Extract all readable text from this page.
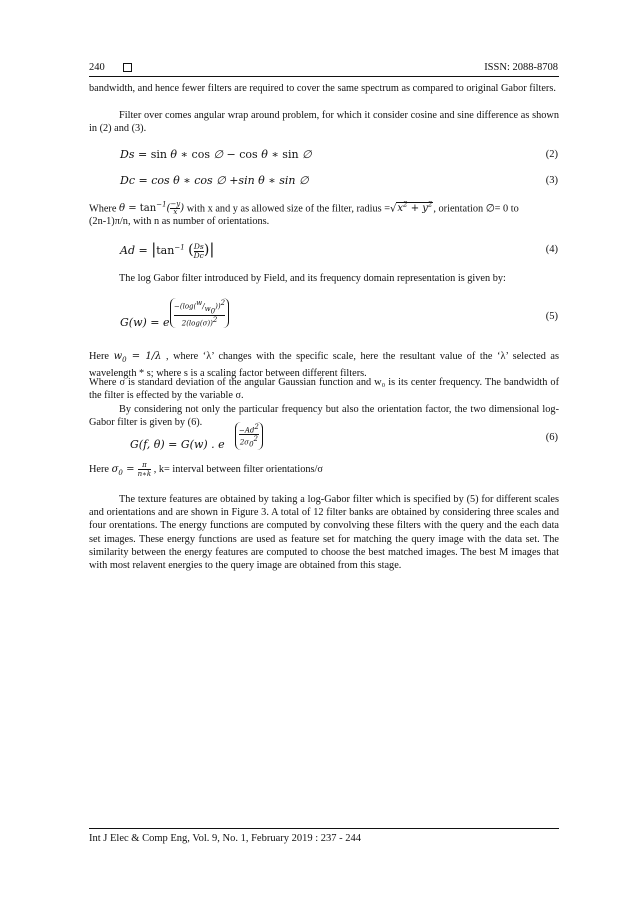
240	ISSN: 2088-8708
bandwidth, and hence fewer filters are required to cover the same spectrum as compared to original Gabor filters.
Filter over comes angular wrap around problem, for which it consider cosine and sine difference as shown in (2) and (3).
Ds = sin θ ∗ cos ∅ − cos θ ∗ sin ∅	(2)
Dc = cos θ ∗ cos ∅ +sin θ ∗ sin ∅	(3)
Where $\theta = \tan^{-1}( \frac{-y}{x}$ ) with x and y as allowed size of the filter, radius $=√x^2 + y^2$, orientation ∅= 0 to
(2n-1)π/n, with n as number of orientations.
$Ad = |\tan^{-1}$ ( $\frac{Ds}{Dc}$ )|	(4)
The log Gabor filter introduced by Field, and its frequency domain representation is given by:
G(w) = e
$-(\log(^w/_{w_0}))^2$
$2(\log(\sigma))^2$	(5)
Here $w_0 = 1/\lambda$ , where ‘λ’ changes with the specific scale, here the resultant value of the ‘λ’ selected as wavelength * s; where s is a scaling factor between different filters.
Where σ is standard deviation of the angular Gaussian function and w₀ is its center frequency. The bandwidth of the filter is effected by the variable σ.
By considering not only the particular frequency but also the orientation factor, the two dimensional log- Gabor filter is given by (6).
G(f, θ) = G(w) . e
$-Ad^2$
$2\sigma_0^2$	(6)
Here $\sigma_0 = \frac{\pi}{n∗k}$ , k= interval between filter orientations/σ
The texture features are obtained by taking a log-Gabor filter which is specified by (5) for different scales and orientations and are shown in Figure 3. A total of 12 filter banks are obtained by considering three scales and four orentations. The energy functions are computed by convolving these filters with the query and the each data set images. These energy functions are used as feature set for matching the query image with the data set. The similarity between the energy features are computed to choose the best matched images. The best M images that with most relavent energies to the query image are obtained from this stage.
Int J Elec & Comp Eng, Vol. 9, No. 1, February 2019 : 237 - 244
